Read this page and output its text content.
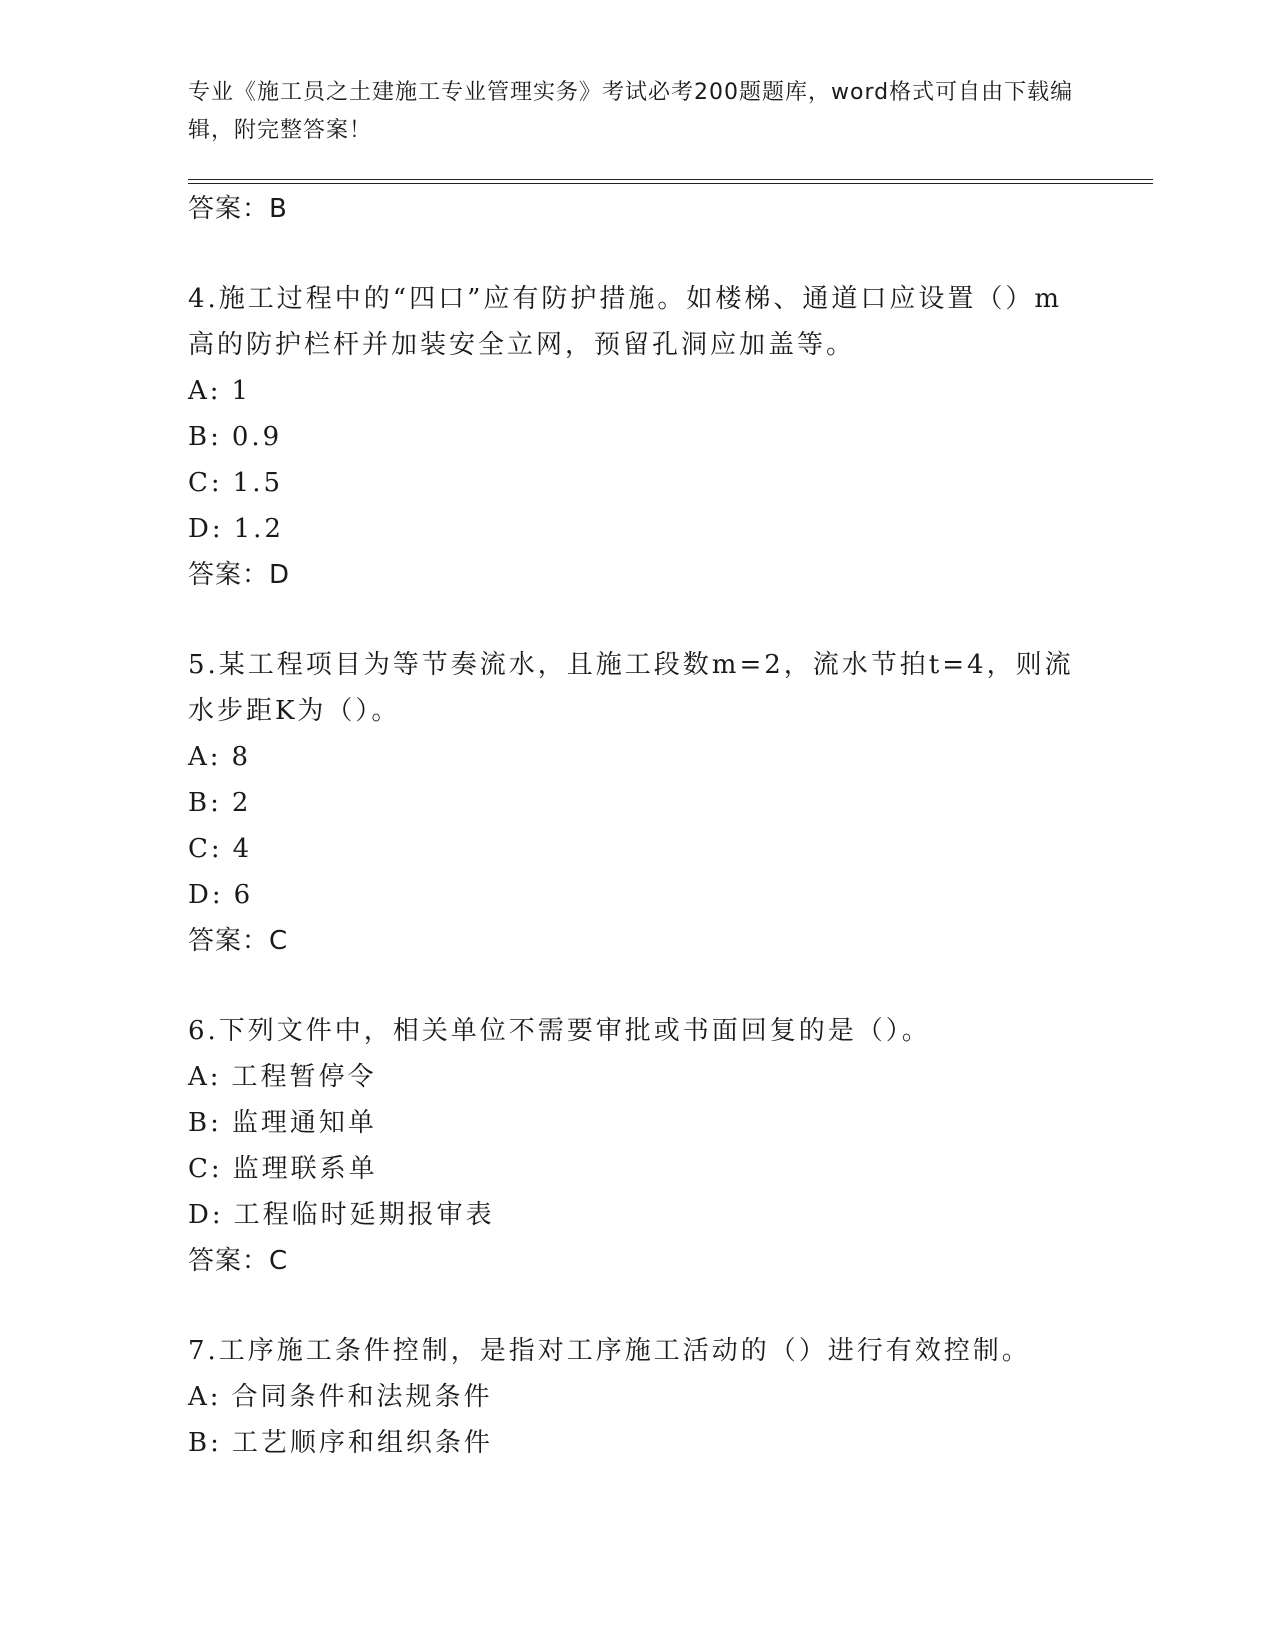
专业《施工员之土建施工专业管理实务》考试必考200题题库，word格式可自由下载编辑，附完整答案！
答案：B

4.施工过程中的“四口”应有防护措施。如楼梯、通道口应设置（）m高的防护栏杆并加装安全立网，预留孔洞应加盖等。

A: 1
B: 0.9
C: 1.5
D: 1.2
答案：D

5.某工程项目为等节奏流水，且施工段数m=2，流水节拍t=4，则流水步距K为（）。

A: 8
B: 2
C: 4
D: 6
答案：C

6.下列文件中，相关单位不需要审批或书面回复的是（）。

A: 工程暂停令
B: 监理通知单
C: 监理联系单
D: 工程临时延期报审表
答案：C

7.工序施工条件控制，是指对工序施工活动的（）进行有效控制。

A: 合同条件和法规条件
B: 工艺顺序和组织条件
